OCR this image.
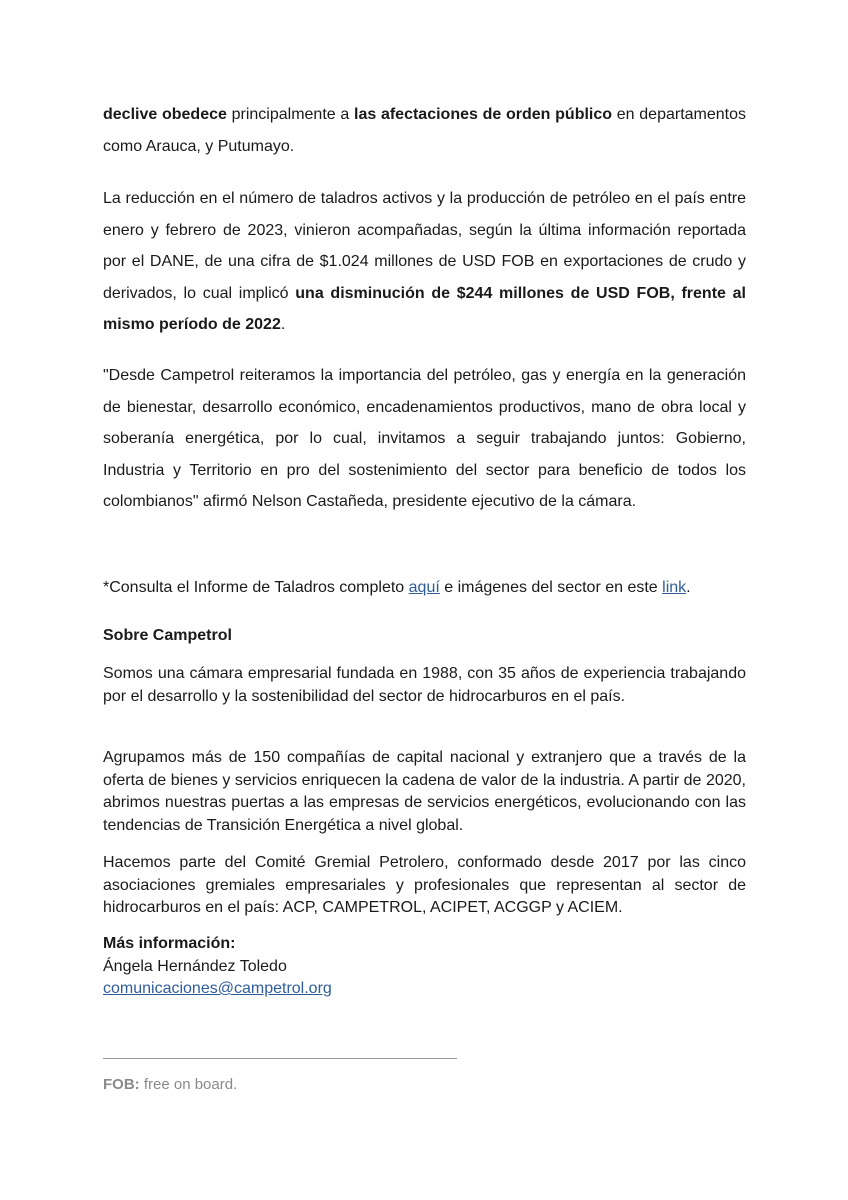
declive obedece principalmente a las afectaciones de orden público en departamentos como Arauca, y Putumayo.

La reducción en el número de taladros activos y la producción de petróleo en el país entre enero y febrero de 2023, vinieron acompañadas, según la última información reportada por el DANE, de una cifra de $1.024 millones de USD FOB en exportaciones de crudo y derivados, lo cual implicó una disminución de $244 millones de USD FOB, frente al mismo período de 2022.

"Desde Campetrol reiteramos la importancia del petróleo, gas y energía en la generación de bienestar, desarrollo económico, encadenamientos productivos, mano de obra local y soberanía energética, por lo cual, invitamos a seguir trabajando juntos: Gobierno, Industria y Territorio en pro del sostenimiento del sector para beneficio de todos los colombianos" afirmó Nelson Castañeda, presidente ejecutivo de la cámara.

*Consulta el Informe de Taladros completo aquí e imágenes del sector en este link.

Sobre Campetrol

Somos una cámara empresarial fundada en 1988, con 35 años de experiencia trabajando por el desarrollo y la sostenibilidad del sector de hidrocarburos en el país.

Agrupamos más de 150 compañías de capital nacional y extranjero que a través de la oferta de bienes y servicios enriquecen la cadena de valor de la industria. A partir de 2020, abrimos nuestras puertas a las empresas de servicios energéticos, evolucionando con las tendencias de Transición Energética a nivel global.

Hacemos parte del Comité Gremial Petrolero, conformado desde 2017 por las cinco asociaciones gremiales empresariales y profesionales que representan al sector de hidrocarburos en el país: ACP, CAMPETROL, ACIPET, ACGGP y ACIEM.

Más información:
Ángela Hernández Toledo
comunicaciones@campetrol.org

FOB: free on board.
